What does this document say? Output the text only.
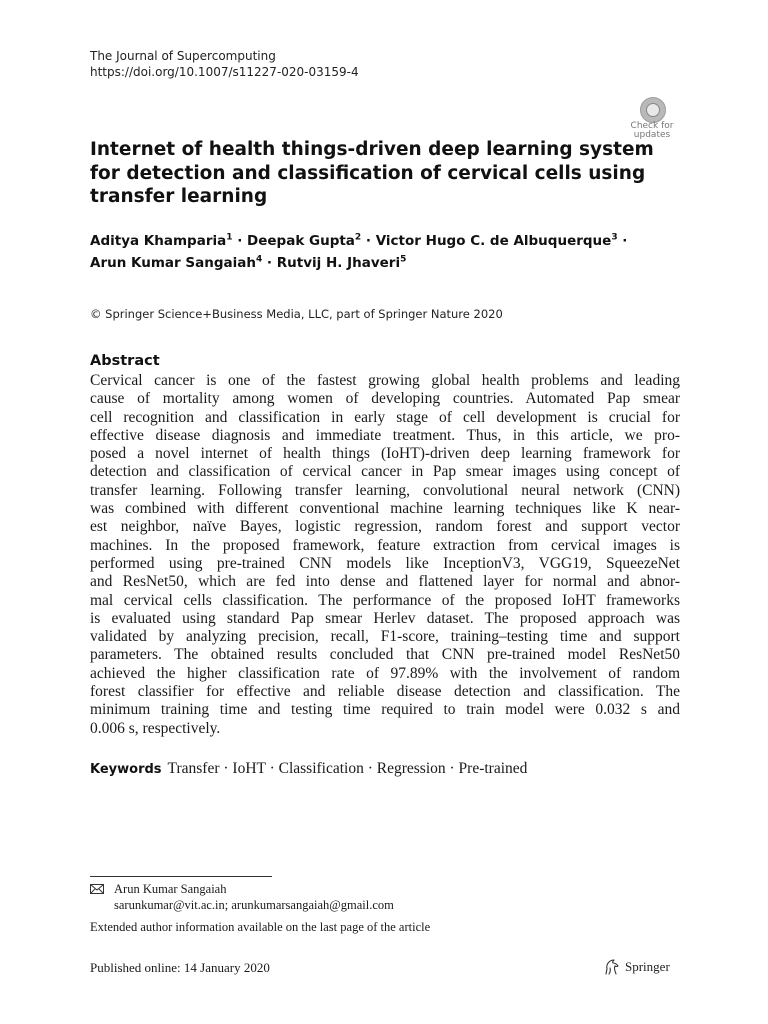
The Journal of Supercomputing
https://doi.org/10.1007/s11227-020-03159-4
Check for
updates
Internet of health things-driven deep learning system
for detection and classification of cervical cells using
transfer learning
Aditya Khamparia$^1$ · Deepak Gupta$^2$ · Victor Hugo C. de Albuquerque$^3$ ·
Arun Kumar Sangaiah$^4$ · Rutvij H. Jhaveri$^5$
© Springer Science+Business Media, LLC, part of Springer Nature 2020
Abstract
Cervical cancer is one of the fastest growing global health problems and leading
cause of mortality among women of developing countries. Automated Pap smear
cell recognition and classification in early stage of cell development is crucial for
effective disease diagnosis and immediate treatment. Thus, in this article, we pro-
posed a novel internet of health things (IoHT)-driven deep learning framework for
detection and classification of cervical cancer in Pap smear images using concept of
transfer learning. Following transfer learning, convolutional neural network (CNN)
was combined with different conventional machine learning techniques like K near-
est neighbor, naïve Bayes, logistic regression, random forest and support vector
machines. In the proposed framework, feature extraction from cervical images is
performed using pre-trained CNN models like InceptionV3, VGG19, SqueezeNet
and ResNet50, which are fed into dense and flattened layer for normal and abnor-
mal cervical cells classification. The performance of the proposed IoHT frameworks
is evaluated using standard Pap smear Herlev dataset. The proposed approach was
validated by analyzing precision, recall, F1-score, training–testing time and support
parameters. The obtained results concluded that CNN pre-trained model ResNet50
achieved the higher classification rate of 97.89% with the involvement of random
forest classifier for effective and reliable disease detection and classification. The
minimum training time and testing time required to train model were 0.032 s and
0.006 s, respectively.
Keywords Transfer · IoHT · Classification · Regression · Pre-trained
Arun Kumar Sangaiah
sarunkumar@vit.ac.in; arunkumarsangaiah@gmail.com
Extended author information available on the last page of the article
Published online: 14 January 2020	Springer
